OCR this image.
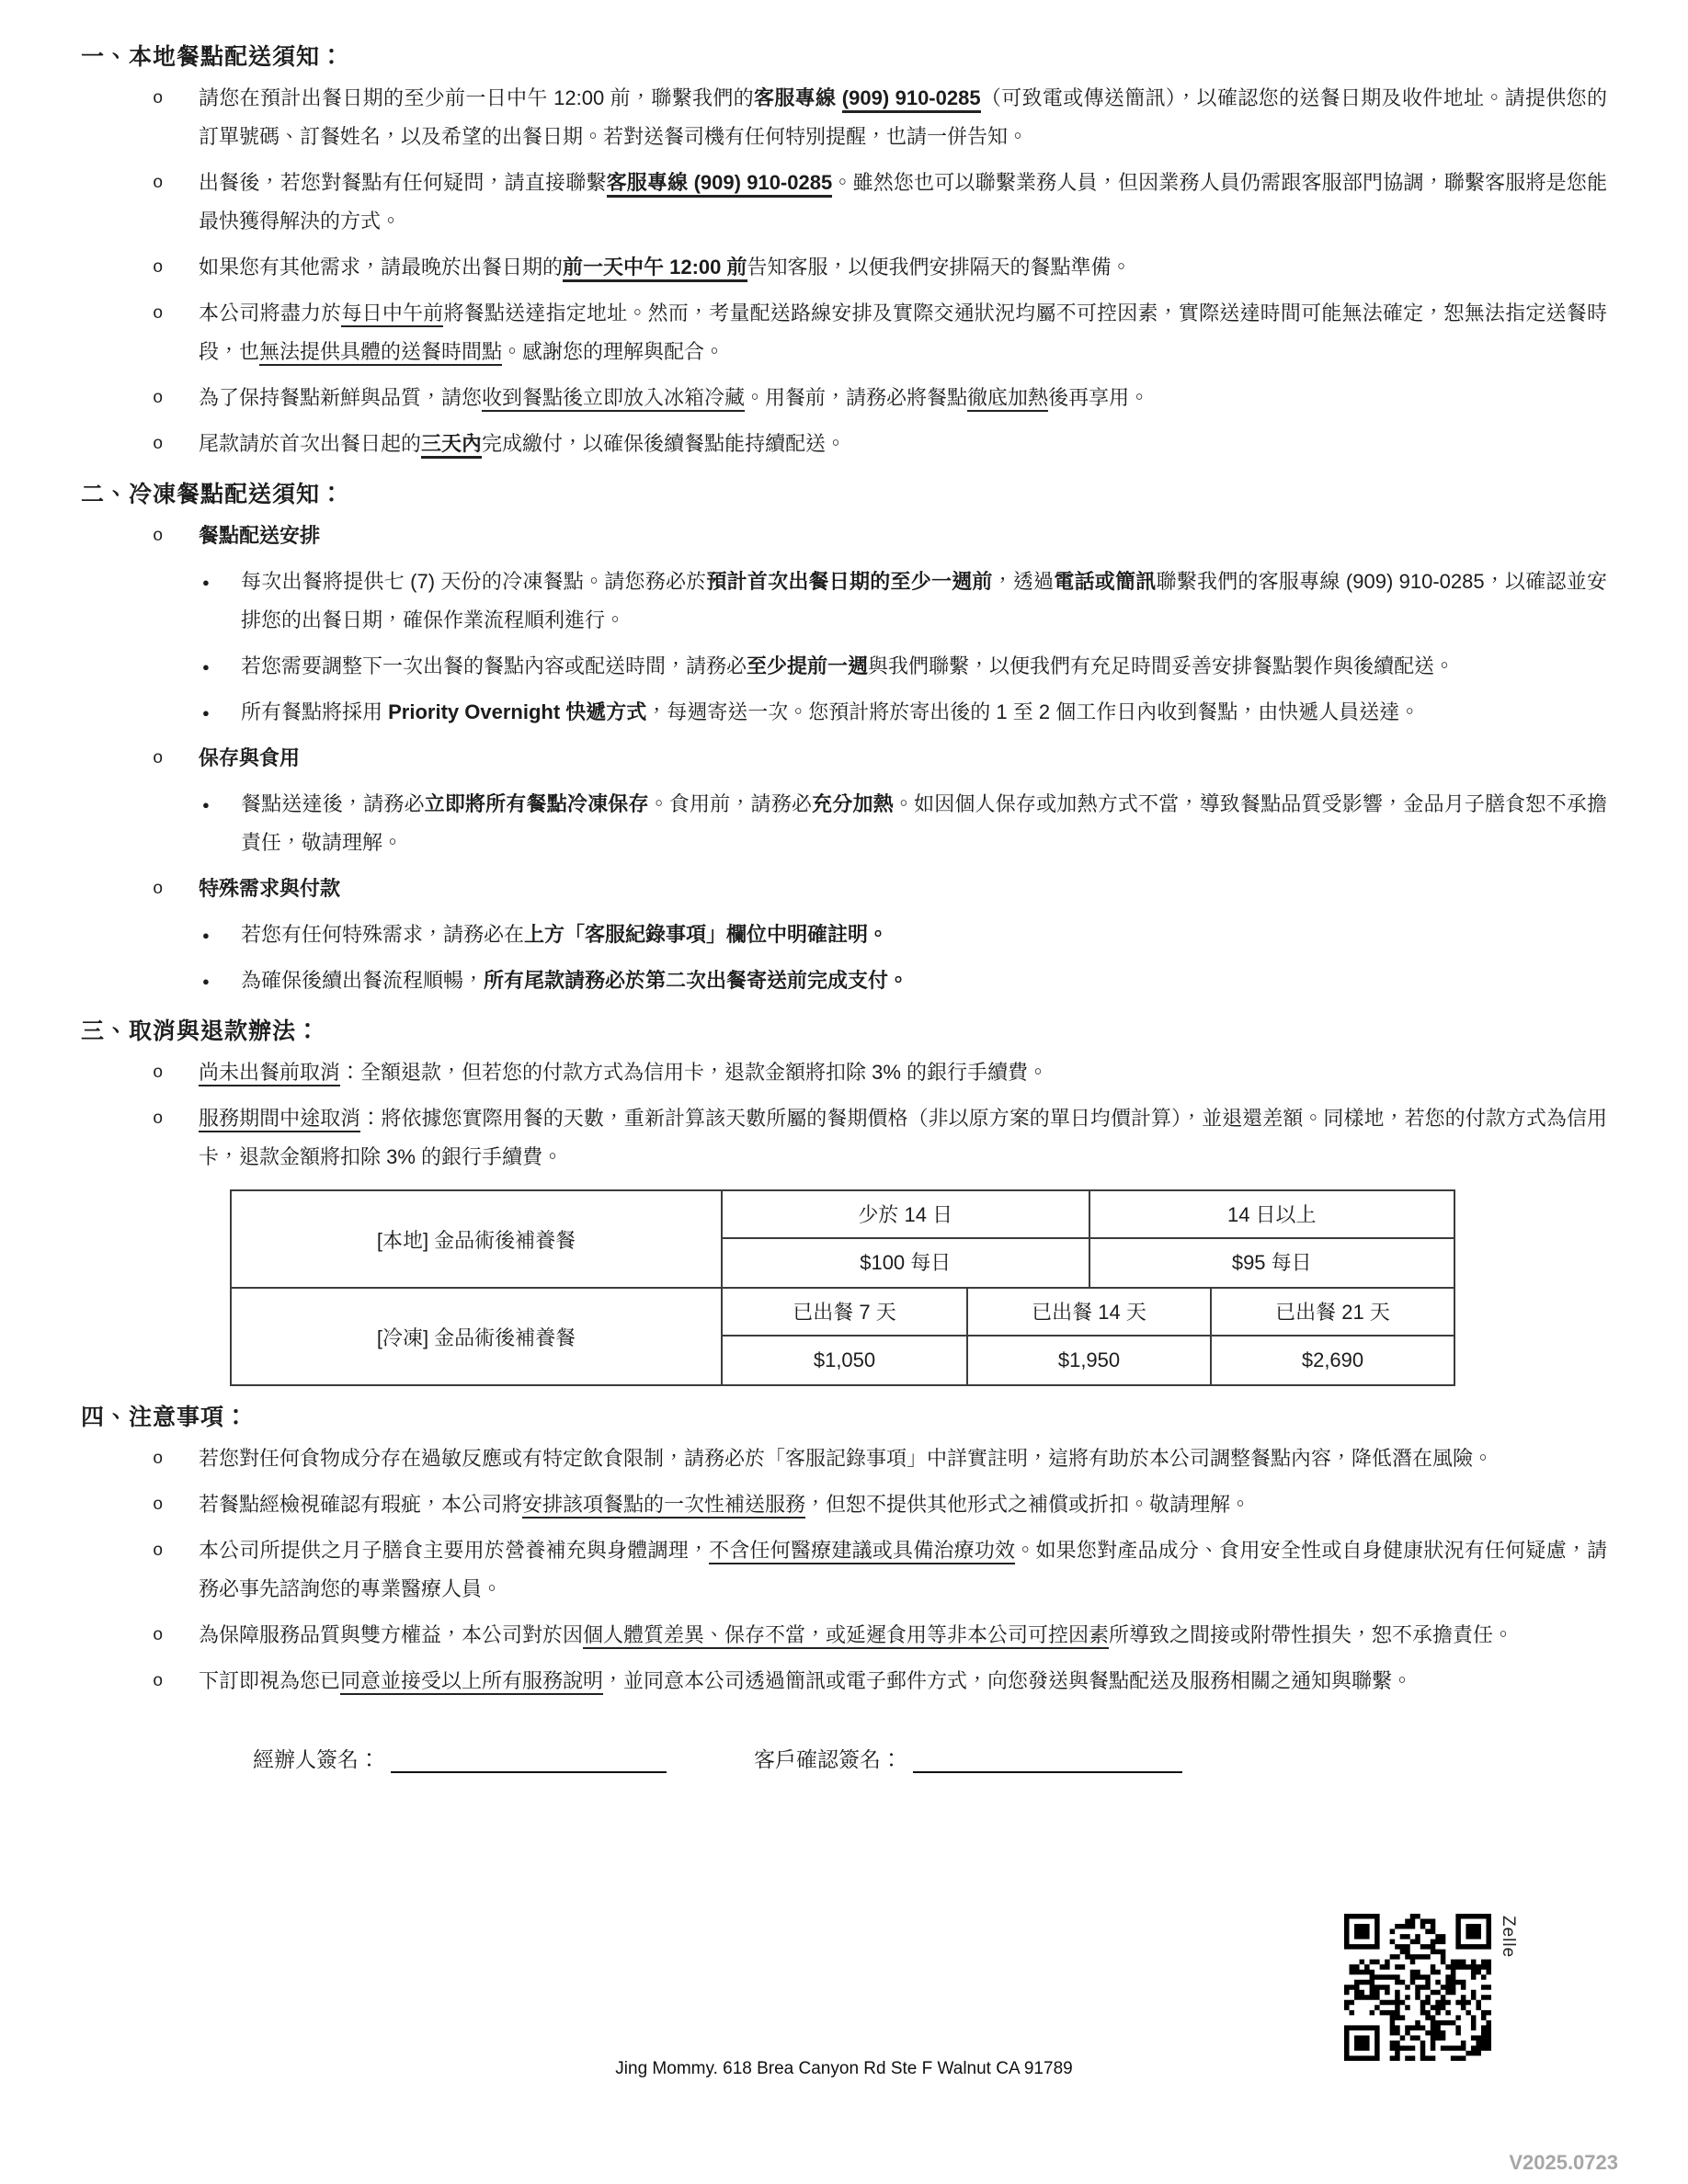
一、本地餐點配送須知：
o 請您在預計出餐日期的至少前一日中午 12:00 前，聯繫我們的客服專線 (909) 910-0285（可致電或傳送簡訊），以確認您的送餐日期及收件地址。請提供您的訂單號碼、訂餐姓名，以及希望的出餐日期。若對送餐司機有任何特別提醒，也請一併告知。
o 出餐後，若您對餐點有任何疑問，請直接聯繫客服專線 (909) 910-0285。雖然您也可以聯繫業務人員，但因業務人員仍需跟客服部門協調，聯繫客服將是您能最快獲得解決的方式。
o 如果您有其他需求，請最晚於出餐日期的前一天中午 12:00 前告知客服，以便我們安排隔天的餐點準備。
o 本公司將盡力於每日中午前將餐點送達指定地址。然而，考量配送路線安排及實際交通狀況均屬不可控因素，實際送達時間可能無法確定，恕無法指定送餐時段，也無法提供具體的送餐時間點。感謝您的理解與配合。
o 為了保持餐點新鮮與品質，請您收到餐點後立即放入冰箱冷藏。用餐前，請務必將餐點徹底加熱後再享用。
o 尾款請於首次出餐日起的三天內完成繳付，以確保後續餐點能持續配送。
二、冷凍餐點配送須知：
o 餐點配送安排
● 每次出餐將提供七 (7) 天份的冷凍餐點。請您務必於預計首次出餐日期的至少一週前，透過電話或簡訊聯繫我們的客服專線 (909) 910-0285，以確認並安排您的出餐日期，確保作業流程順利進行。
● 若您需要調整下一次出餐的餐點內容或配送時間，請務必至少提前一週與我們聯繫，以便我們有充足時間妥善安排餐點製作與後續配送。
● 所有餐點將採用 Priority Overnight 快遞方式，每週寄送一次。您預計將於寄出後的 1 至 2 個工作日內收到餐點，由快遞人員送達。
o 保存與食用
● 餐點送達後，請務必立即將所有餐點冷凍保存。食用前，請務必充分加熱。如因個人保存或加熱方式不當，導致餐點品質受影響，金品月子膳食恕不承擔責任，敬請理解。
o 特殊需求與付款
● 若您有任何特殊需求，請務必在上方「客服紀錄事項」欄位中明確註明。
● 為確保後續出餐流程順暢，所有尾款請務必於第二次出餐寄送前完成支付。
三、取消與退款辦法：
o 尚未出餐前取消：全額退款，但若您的付款方式為信用卡，退款金額將扣除 3% 的銀行手續費。
o 服務期間中途取消：將依據您實際用餐的天數，重新計算該天數所屬的餐期價格（非以原方案的單日均價計算），並退還差額。同樣地，若您的付款方式為信用卡，退款金額將扣除 3% 的銀行手續費。
[本地] 金品術後補養餐
少於 14 日	14 日以上
$100 每日	$95 每日
[冷凍] 金品術後補養餐
已出餐 7 天	已出餐 14 天	已出餐 21 天
$1,050	$1,950	$2,690
四、注意事項：
o 若您對任何食物成分存在過敏反應或有特定飲食限制，請務必於「客服記錄事項」中詳實註明，這將有助於本公司調整餐點內容，降低潛在風險。
o 若餐點經檢視確認有瑕疵，本公司將安排該項餐點的一次性補送服務，但恕不提供其他形式之補償或折扣。敬請理解。
o 本公司所提供之月子膳食主要用於營養補充與身體調理，不含任何醫療建議或具備治療功效。如果您對產品成分、食用安全性或自身健康狀況有任何疑慮，請務必事先諮詢您的專業醫療人員。
o 為保障服務品質與雙方權益，本公司對於因個人體質差異、保存不當，或延遲食用等非本公司可控因素所導致之間接或附帶性損失，恕不承擔責任。
o 下訂即視為您已同意並接受以上所有服務說明，並同意本公司透過簡訊或電子郵件方式，向您發送與餐點配送及服務相關之通知與聯繫。
經辦人簽名：	客戶確認簽名：
Zelle
Jing Mommy. 618 Brea Canyon Rd Ste F Walnut CA 91789
V2025.0723
